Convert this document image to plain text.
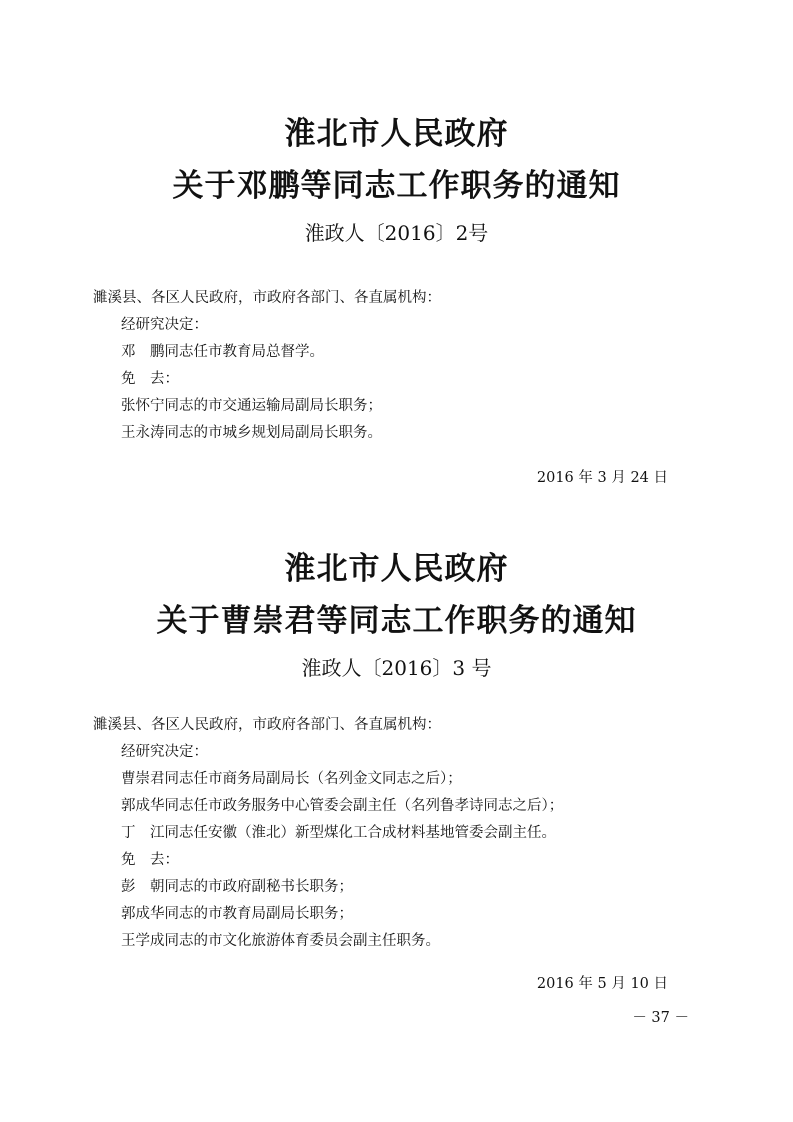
淮北市人民政府
关于邓鹏等同志工作职务的通知
淮政人〔2016〕2号
濉溪县、各区人民政府，市政府各部门、各直属机构：
经研究决定：
邓　鹏同志任市教育局总督学。
免　去：
张怀宁同志的市交通运输局副局长职务；
王永涛同志的市城乡规划局副局长职务。
2016 年 3 月 24 日
淮北市人民政府
关于曹崇君等同志工作职务的通知
淮政人〔2016〕3 号
濉溪县、各区人民政府，市政府各部门、各直属机构：
经研究决定：
曹崇君同志任市商务局副局长（名列金文同志之后）；
郭成华同志任市政务服务中心管委会副主任（名列鲁孝诗同志之后）；
丁　江同志任安徽（淮北）新型煤化工合成材料基地管委会副主任。
免　去：
彭　朝同志的市政府副秘书长职务；
郭成华同志的市教育局副局长职务；
王学成同志的市文化旅游体育委员会副主任职务。
2016 年 5 月 10 日
－ 37 －
